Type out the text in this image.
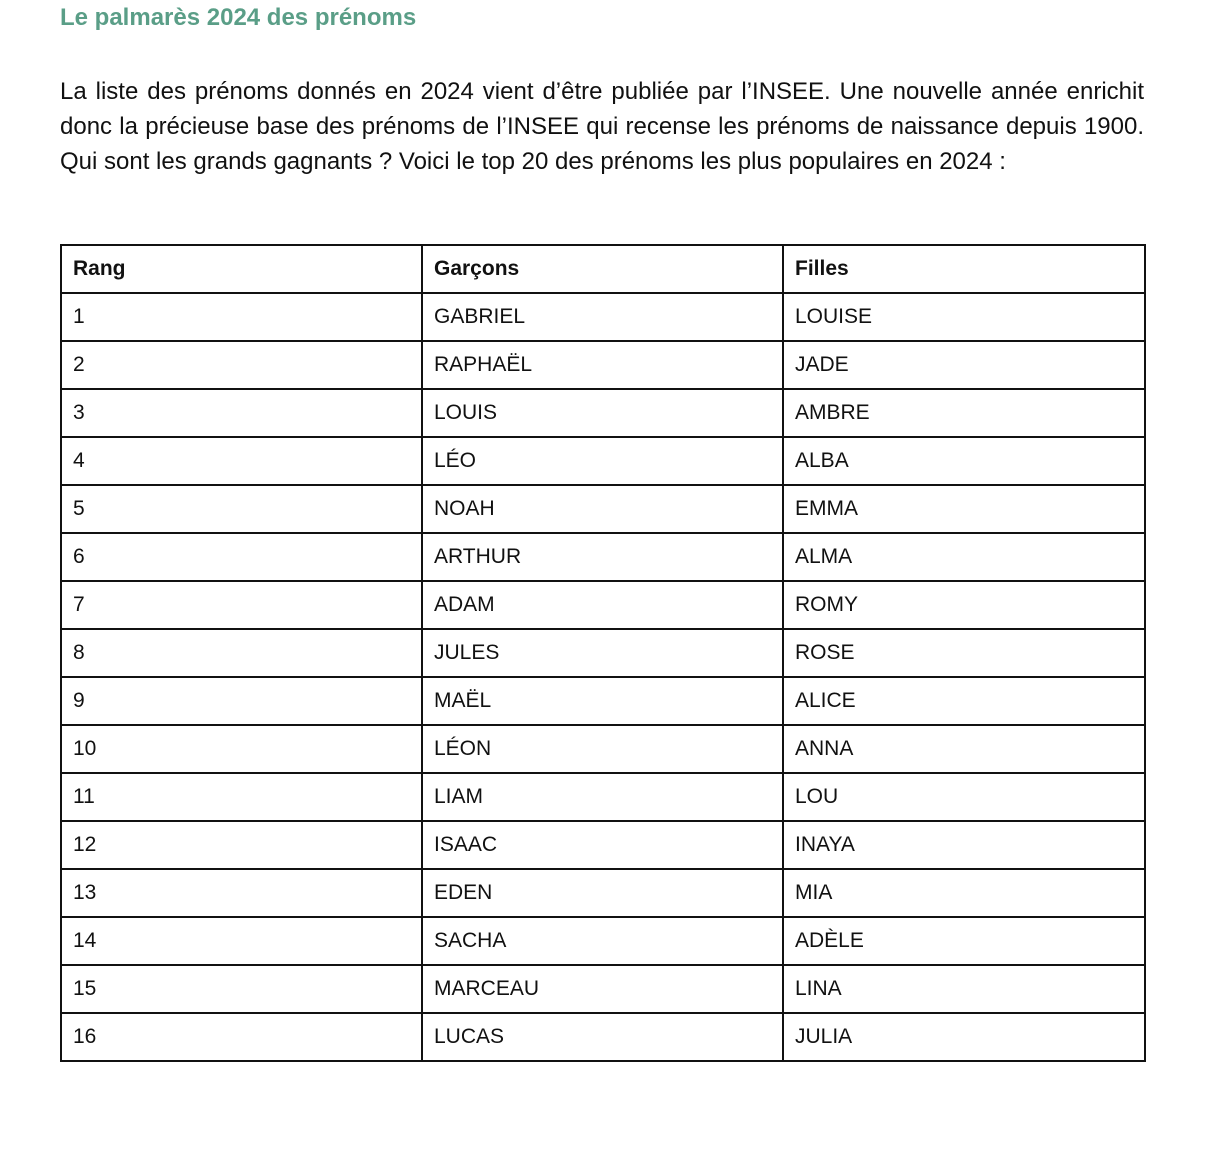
Le palmarès 2024 des prénoms

La liste des prénoms donnés en 2024 vient d’être publiée par l’INSEE. Une nouvelle année enrichit donc la précieuse base des prénoms de l’INSEE qui recense les prénoms de naissance depuis 1900. Qui sont les grands gagnants ? Voici le top 20 des prénoms les plus populaires en 2024 :

Rang	Garçons	Filles
1	GABRIEL	LOUISE
2	RAPHAËL	JADE
3	LOUIS	AMBRE
4	LÉO	ALBA
5	NOAH	EMMA
6	ARTHUR	ALMA
7	ADAM	ROMY
8	JULES	ROSE
9	MAËL	ALICE
10	LÉON	ANNA
11	LIAM	LOU
12	ISAAC	INAYA
13	EDEN	MIA
14	SACHA	ADÈLE
15	MARCEAU	LINA
16	LUCAS	JULIA
